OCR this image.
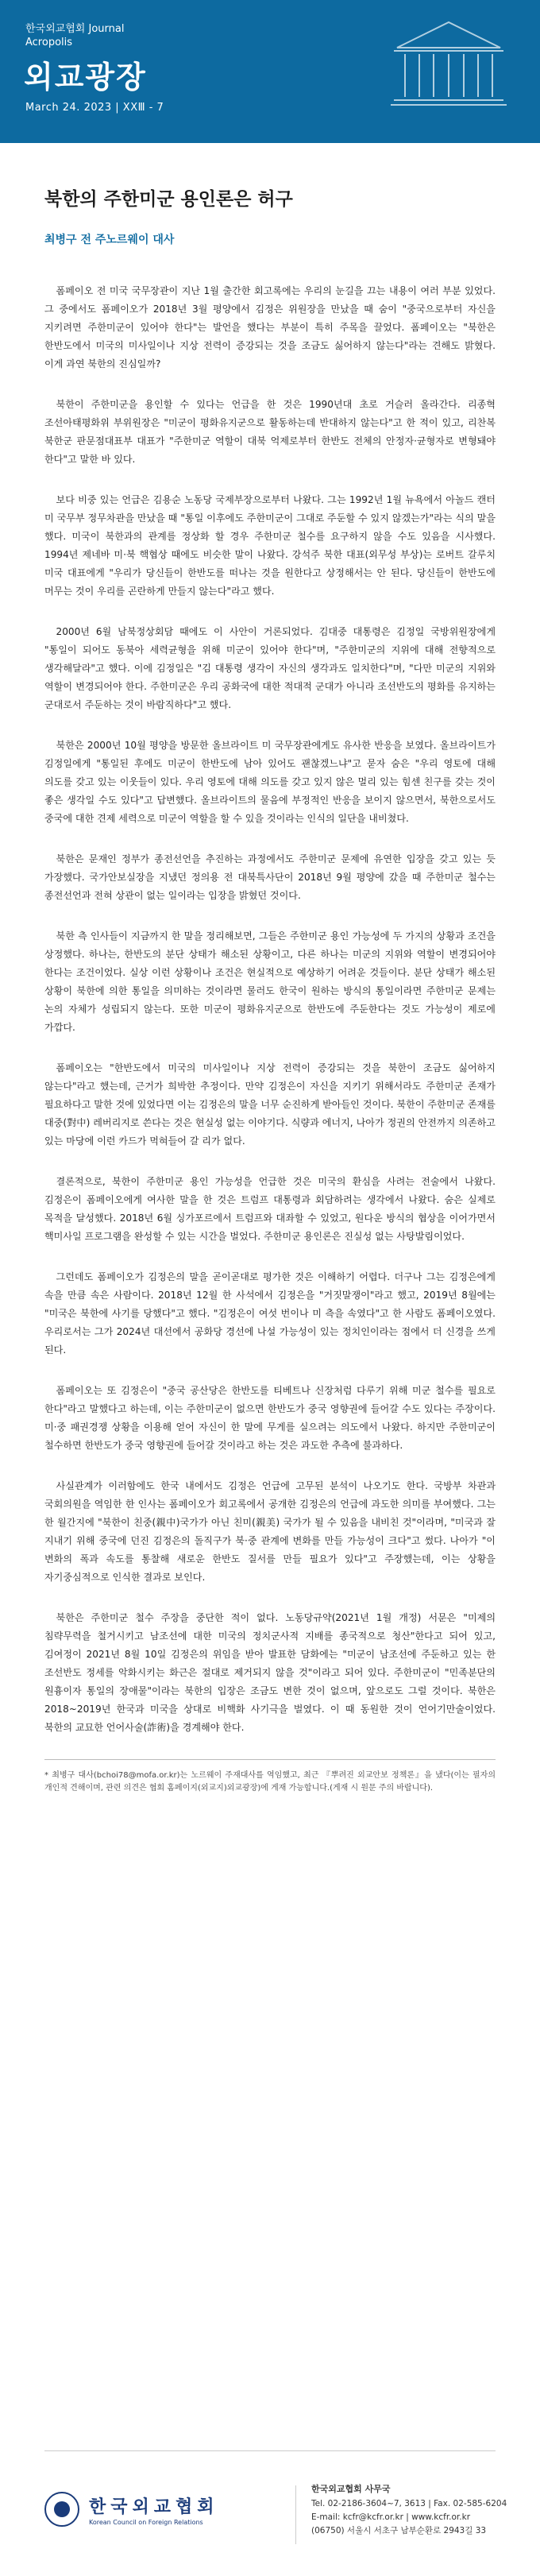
한국외교협회 Journal
Acropolis
외교광장
March 24. 2023 | XXⅢ - 7
북한의 주한미군 용인론은 허구
최병구 전 주노르웨이 대사

폼페이오 전 미국 국무장관이 지난 1월 출간한 회고록에는 우리의 눈길을 끄는 내용이 여러 부분 있었다. 그 중에서도 폼페이오가 2018년 3월 평양에서 김정은 위원장을 만났을 때 숨이 "중국으로부터 자신을 지키려면 주한미군이 있어야 한다"는 발언을 했다는 부분이 특히 주목을 끌었다. 폼페이오는 "북한은 한반도에서 미국의 미사일이나 지상 전력이 증강되는 것을 조금도 싫어하지 않는다"라는 견해도 밝혔다. 이게 과연 북한의 진심일까?

북한이 주한미군을 용인할 수 있다는 언급을 한 것은 1990년대 초로 거슬러 올라간다. 리종혁 조선아태평화위 부위원장은 "미군이 평화유지군으로 활동하는데 반대하지 않는다"고 한 적이 있고, 리찬복 북한군 판문점대표부 대표가 "주한미군 역할이 대북 억제로부터 한반도 전체의 안정자·균형자로 변형돼야 한다"고 말한 바 있다.

보다 비중 있는 언급은 김용순 노동당 국제부장으로부터 나왔다. 그는 1992년 1월 뉴욕에서 아놀드 캔터 미 국무부 정무차관을 만났을 때 "통일 이후에도 주한미군이 그대로 주둔할 수 있지 않겠는가"라는 식의 말을 했다. 미국이 북한과의 관계를 정상화 할 경우 주한미군 철수를 요구하지 않을 수도 있음을 시사했다. 1994년 제네바 미·북 핵협상 때에도 비슷한 말이 나왔다. 강석주 북한 대표(외무성 부상)는 로버트 갈루치 미국 대표에게 "우리가 당신들이 한반도를 떠나는 것을 원한다고 상정해서는 안 된다. 당신들이 한반도에 머무는 것이 우리를 곤란하게 만들지 않는다"라고 했다.

2000년 6월 남북정상회담 때에도 이 사안이 거론되었다. 김대중 대통령은 김정일 국방위원장에게 "통일이 되어도 동북아 세력균형을 위해 미군이 있어야 한다"며, "주한미군의 지위에 대해 전향적으로 생각해달라"고 했다. 이에 김정일은 "김 대통령 생각이 자신의 생각과도 일치한다"며, "다만 미군의 지위와 역할이 변경되어야 한다. 주한미군은 우리 공화국에 대한 적대적 군대가 아니라 조선반도의 평화를 유지하는 군대로서 주둔하는 것이 바람직하다"고 했다.

북한은 2000년 10월 평양을 방문한 올브라이트 미 국무장관에게도 유사한 반응을 보였다. 올브라이트가 김정일에게 "통일된 후에도 미군이 한반도에 남아 있어도 괜찮겠느냐"고 묻자 숨은 "우리 영토에 대해 의도를 갖고 있는 이웃들이 있다. 우리 영토에 대해 의도를 갖고 있지 않은 멀리 있는 힘센 친구를 갖는 것이 좋은 생각일 수도 있다"고 답변했다. 올브라이트의 물음에 부정적인 반응을 보이지 않으면서, 북한으로서도 중국에 대한 견제 세력으로 미군이 역할을 할 수 있을 것이라는 인식의 일단을 내비쳤다.

북한은 문재인 정부가 종전선언을 추진하는 과정에서도 주한미군 문제에 유연한 입장을 갖고 있는 듯 가장했다. 국가안보실장을 지냈던 정의용 전 대북특사단이 2018년 9월 평양에 갔을 때 주한미군 철수는 종전선언과 전혀 상관이 없는 일이라는 입장을 밝혔던 것이다.

북한 측 인사들이 지금까지 한 말을 정리해보면, 그들은 주한미군 용인 가능성에 두 가지의 상황과 조건을 상정했다. 하나는, 한반도의 분단 상태가 해소된 상황이고, 다른 하나는 미군의 지위와 역할이 변경되어야 한다는 조건이었다. 실상 이런 상황이나 조건은 현실적으로 예상하기 어려운 것들이다. 분단 상태가 해소된 상황이 북한에 의한 통일을 의미하는 것이라면 물러도 한국이 원하는 방식의 통일이라면 주한미군 문제는 논의 자체가 성립되지 않는다. 또한 미군이 평화유지군으로 한반도에 주둔한다는 것도 가능성이 제로에 가깝다.

폼페이오는 "한반도에서 미국의 미사일이나 지상 전력이 증강되는 것을 북한이 조금도 싫어하지 않는다"라고 했는데, 근거가 희박한 추정이다. 만약 김정은이 자신을 지키기 위해서라도 주한미군 존재가 필요하다고 말한 것에 있었다면 이는 김정은의 말을 너무 순진하게 받아들인 것이다. 북한이 주한미군 존재를 대중(對中) 레버리지로 쓴다는 것은 현실성 없는 이야기다. 식량과 에너지, 나아가 정권의 안전까지 의존하고 있는 마당에 이런 카드가 먹혀들어 갈 리가 없다.

결론적으로, 북한이 주한미군 용인 가능성을 언급한 것은 미국의 환심을 사려는 전술에서 나왔다. 김정은이 폼페이오에게 여사한 말을 한 것은 트럼프 대통령과 회담하려는 생각에서 나왔다. 숨은 실제로 목적을 달성했다. 2018년 6월 싱가포르에서 트럼프와 대좌할 수 있었고, 원다운 방식의 협상을 이어가면서 핵미사일 프로그램을 완성할 수 있는 시간을 벌었다. 주한미군 용인론은 진실성 없는 사탕발림이었다.

그런데도 폼페이오가 김정은의 말을 곧이곧대로 평가한 것은 이해하기 어렵다. 더구나 그는 김정은에게 속을 만큼 속은 사람이다. 2018년 12월 한 사석에서 김정은을 "거짓말쟁이"라고 했고, 2019년 8월에는 "미국은 북한에 사기를 당했다"고 했다. "김정은이 여섯 번이나 미 측을 속였다"고 한 사람도 폼페이오였다. 우리로서는 그가 2024년 대선에서 공화당 경선에 나설 가능성이 있는 정치인이라는 점에서 더 신경을 쓰게 된다.

폼페이오는 또 김정은이 "중국 공산당은 한반도를 티베트나 신장처럼 다루기 위해 미군 철수를 필요로 한다"라고 말했다고 하는데, 이는 주한미군이 없으면 한반도가 중국 영향권에 들어갈 수도 있다는 주장이다. 미·중 패권경쟁 상황을 이용해 얻어 자신이 한 말에 무게를 실으려는 의도에서 나왔다. 하지만 주한미군이 철수하면 한반도가 중국 영향권에 들어갈 것이라고 하는 것은 과도한 추측에 불과하다.

사실관계가 이러함에도 한국 내에서도 김정은 언급에 고무된 분석이 나오기도 한다. 국방부 차관과 국회의원을 역임한 한 인사는 폼페이오가 회고록에서 공개한 김정은의 언급에 과도한 의미를 부여했다. 그는 한 월간지에 "북한이 친중(親中)국가가 아닌 친미(親美) 국가가 될 수 있음을 내비친 것"이라며, "미국과 잘 지내기 위해 중국에 던진 김정은의 돌직구가 북·중 관계에 변화를 만들 가능성이 크다"고 썼다. 나아가 "이 변화의 폭과 속도를 통찰해 새로운 한반도 질서를 만들 필요가 있다"고 주장했는데, 이는 상황을 자기중심적으로 인식한 결과로 보인다.

북한은 주한미군 철수 주장을 중단한 적이 없다. 노동당규약(2021년 1월 개정) 서문은 "미제의 침략무력을 철거시키고 남조선에 대한 미국의 정치군사적 지배를 종국적으로 청산"한다고 되어 있고, 김여정이 2021년 8월 10일 김정은의 위임을 받아 발표한 담화에는 "미군이 남조선에 주둔하고 있는 한 조선반도 정세를 악화시키는 화근은 절대로 제거되지 않을 것"이라고 되어 있다. 주한미군이 "민족분단의 원흉이자 통일의 장애물"이라는 북한의 입장은 조금도 변한 것이 없으며, 앞으로도 그럴 것이다. 북한은 2018~2019년 한국과 미국을 상대로 비핵화 사기극을 벌였다. 이 때 동원한 것이 언어기만술이었다. 북한의 교묘한 언어사술(詐術)을 경계해야 한다.

* 최병구 대사(bchoi78@mofa.or.kr)는 노르웨이 주재대사를 역임했고, 최근 『뿌려진 외교안보 정책론』을 냈다(이는 필자의 개인적 견해이며, 관련 의견은 협회 홈페이지(외교지)외교광장)에 게재 가능합니다.(게재 시 원문 주의 바랍니다).
한국외교협회
Korean Council on Foreign Relations
한국외교협회 사무국
Tel. 02-2186-3604~7, 3613 | Fax. 02-585-6204
E-mail: kcfr@kcfr.or.kr | www.kcfr.or.kr
(06750) 서울시 서초구 남부순환로 2943길 33
